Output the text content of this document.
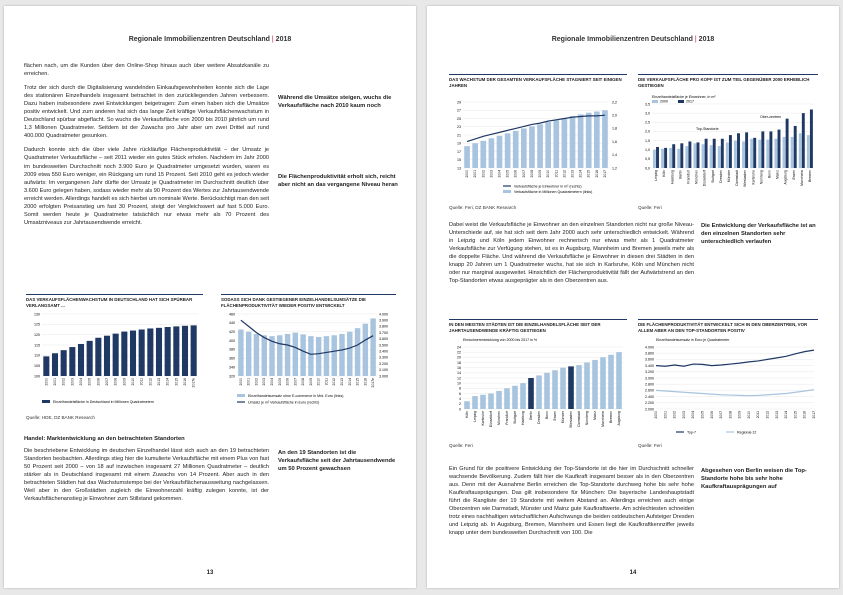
Regionale Immobilienzentren Deutschland | 2018

flächen nach, um die Kunden über den Online-Shop hinaus auch über weitere Absatzkanäle zu erreichen.

Trotz der sich durch die Digitalisierung wandelnden Einkaufsgewohnheiten konnte sich die Lage des stationären Einzelhandels insgesamt betrachtet in den zurückliegenden Jahren verbessern. Dazu haben insbesondere zwei Entwicklungen beigetragen: Zum einen haben sich die Umsätze positiv entwickelt. Und zum anderen hat sich das lange Zeit kräftige Verkaufsflächenwachstum in Deutschland spürbar abgeflacht. So wuchs die Verkaufsfläche von 2000 bis 2010 jährlich um rund 1,3 Millionen Quadratmeter. Seitdem ist der Zuwachs pro Jahr aber um zwei Drittel auf rund 400.000 Quadratmeter gesunken.

Dadurch konnte sich die über viele Jahre rückläufige Flächenproduktivität – der Umsatz je Quadratmeter Verkaufsfläche – seit 2011 wieder ein gutes Stück erholen. Nachdem im Jahr 2000 im bundesweiten Durchschnitt noch 3.900 Euro je Quadratmeter umgesetzt wurden, waren es 2009 etwa 550 Euro weniger, ein Rückgang um rund 15 Prozent. Seit 2010 geht es jedoch wieder aufwärts: Im vergangenen Jahr dürfte der Umsatz je Quadratmeter im Durchschnitt deutlich über 3.600 Euro gelegen haben, sodass wieder mehr als 90 Prozent des Wertes zur Jahrtausendwende erreicht werden. Allerdings handelt es sich hierbei um nominale Werte. Berücksichtigt man den seit 2000 erfolgten Preisanstieg um fast 30 Prozent, steigt der Vergleichswert auf fast 5.000 Euro. Somit werden heute je Quadratmeter tatsächlich nur etwas mehr als 70 Prozent des Umsatzniveaus zur Jahrtausendwende erreicht.

Während die Umsätze steigen, wuchs die Verkaufsfläche nach 2010 kaum noch
Die Flächenproduktivität erholt sich, reicht aber nicht an das vergangene Niveau heran
DAS VERKAUFSFLÄCHENWACHSTUM IN DEUTSCHLAND HAT SICH SPÜRBAR VERLANGSAMT ...
100
105
110
115
120
125
130
2000 2001 2002 2003 2004 2005 2006 2007 2008 2009 2010 2011 2012 2013 2014 2015 2016 2017e
Einzelhandelsfläche in Deutschland in Millionen Quadratmetern
SODASS SICH DANK GESTIEGENER EINZELHANDELSUMSÄTZE DIE FLÄCHENPRODUKTIVITÄT WIEDER POSITIV ENTWICKELT
320
340
360
380
400
420
440
460
3.000
3.100
3.200
3.300
3.400
3.500
3.600
3.700
3.800
3.900
4.000
2000 2001 2002 2003 2004 2005 2006 2007 2008 2009 2010 2011 2012 2013 2014 2015 2016 2017e
Einzelhandelsumsatz ohne E-commerce in Mrd. Euro (links)
Umsatz je m² Verkaufsfläche in Euro (rechts)
Quelle: HDE, DZ BANK Research
Handel: Marktentwicklung an den betrachteten Standorten

Die beschriebene Entwicklung im deutschen Einzelhandel lässt sich auch an den 19 betrachteten Standorten beobachten. Allerdings stieg hier die kumulierte Verkaufsfläche mit einem Plus von fast 50 Prozent seit 2000 – von 18 auf inzwischen insgesamt 27 Millionen Quadratmeter – deutlich stärker als in Deutschland insgesamt mit einem Zuwachs von 14 Prozent. Aber auch in den betrachteten Städten hat das Wachstumstempo bei der Verkaufsflächenausweitung nachgelassen. Weil aber in den Großstädten zugleich die Einwohnerzahl kräftig zulegen konnte, ist der Verkaufsflächenanstieg je Einwohner zum Stillstand gekommen.

An den 19 Standorten ist die Verkaufsfläche seit der Jahrtausendwende um 50 Prozent gewachsen
13
Regionale Immobilienzentren Deutschland | 2018
DAS WACHSTUM DER GESAMTEN VERKAUFSFLÄCHE STAGNIERT SEIT EINIGEN JAHREN
13
15
17
19
21
23
25
27
29
1,2
1,4
1,6
1,8
2,0
2,2
2000 2001 2002 2003 2004 2005 2006 2007 2008 2009 2010 2011 2012 2013 2014 2015 2016 2017
Verkaufsfläche je Einwohner in m² (rechts)
Verkaufsfläche in Millionen Quadratmetern (links)
DIE VERKAUFSFLÄCHE PRO KOPF IST ZUM TEIL GEGENÜBER 2000 ERHEBLICH GESTIEGEN
0,0
0,5
1,0
1,5
2,0
2,5
3,0
3,5
Einzelhandelsfläche je Einwohner, in m²
2000	2017
Leipzig Köln Hamburg Berlin Frankfurt München Düsseldorf Stuttgart Dresden Münster Darmstadt Wiesbaden Karlsruhe Nürnberg Bonn Mainz Augsburg Essen Mannheim Bremen
Top-Standorte
Ober-zentren
Quelle: Feri, DZ BANK Research	Quelle: Feri

Dabei weist die Verkaufsfläche je Einwohner an den einzelnen Standorten nicht nur große Niveau-Unterschiede auf, sie hat sich seit dem Jahr 2000 auch sehr unterschiedlich entwickelt. Während in Leipzig und Köln jedem Einwohner rechnerisch nur etwas mehr als 1 Quadratmeter Verkaufsfläche zur Verfügung stehen, ist es in Augsburg, Mannheim und Bremen jeweils mehr als die doppelte Fläche. Und während die Verkaufsfläche je Einwohner in diesen drei Städten in den knapp 20 Jahren um 1 Quadratmeter wuchs, hat sie sich in Karlsruhe, Köln und München nicht oder nur marginal ausgeweitet. Hinsichtlich der Flächenproduktivität fällt der Aufwärtstrend an den Top-Standorten etwas ausgeprägter als in den Oberzentren aus.

Die Entwicklung der Verkaufsfläche ist an den einzelnen Standorten sehr unterschiedlich verlaufen
IN DEN MEISTEN STÄDTEN IST DIE EINZELHANDELSFLÄCHE SEIT DER JAHRTAUSENDWENDE KRÄFTIG GESTIEGEN
Einwohnerentwicklung von 2000 bis 2017 in %
0
2
4
6
8
10
12
14
16
18
20
22
24
Köln Leipzig Karlsruhe Düsseldorf München Frankfurt Stuttgart Hamburg Berlin Dresden Bonn Essen Münster Wiesbaden Darmstadt Nürnberg Mainz Mannheim Bremen Augsburg
DIE FLÄCHENPRODUKTIVITÄT ENTWICKELT SICH IN DEN OBERZENTREN, VOR ALLEM ABER AN DEN TOP-STANDORTEN POSITIV
Einzelhandelsumsatz in Euro je Quadratmeter
2.000
2.200
2.400
2.600
2.800
3.000
3.200
3.400
3.600
3.800
4.000
2000 2001 2002 2003 2004 2005 2006 2007 2008 2009 2010 2011 2012 2013 2014 2015 2016 2017
Top-7	Regional-12
Quelle: Feri	Quelle: Feri

Ein Grund für die positivere Entwicklung der Top-Standorte ist die hier im Durchschnitt schneller wachsende Bevölkerung. Zudem fällt hier die Kaufkraft insgesamt besser als in den Oberzentren aus. Denn mit der Ausnahme Berlin erreichen die Top-Standorte durchweg hohe bis sehr hohe Kaufkraftausprägungen. Das gilt insbesondere für München: Die bayerische Landeshauptstadt führt die Rangliste der 19 Standorte mit weitem Abstand an. Allerdings erreichen auch einige Oberzentren wie Darmstadt, Münster und Mainz gute Kaufkraftwerte. Am schlechtesten schneiden trotz eines nachhaltigen wirtschaftlichen Aufschwungs die beiden ostdeutschen Aufsteiger Dresden und Leipzig ab. In Augsburg, Bremen, Mannheim und Essen liegt die Kaufkraftkennziffer jeweils knapp unter dem bundesweiten Durchschnitt von 100. Die

Abgesehen von Berlin weisen die Top-Standorte hohe bis sehr hohe Kaufkraftausprägungen auf
14
